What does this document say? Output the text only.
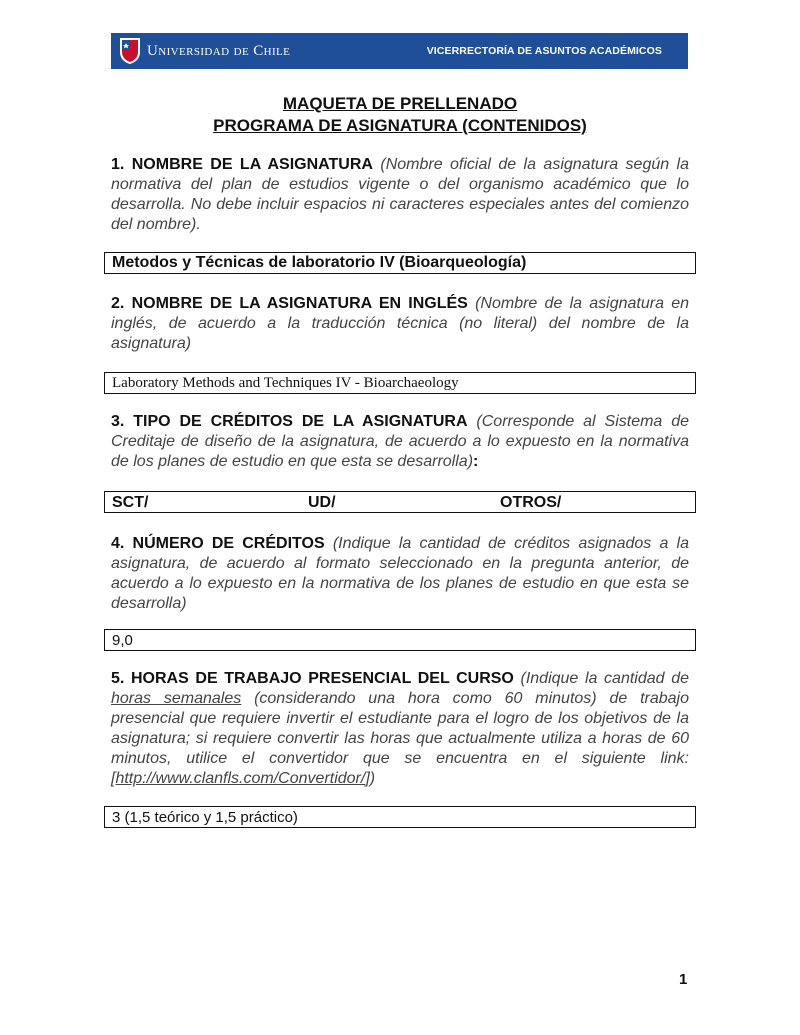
Universidad de Chile	VICERRECTORÍA DE ASUNTOS ACADÉMICOS

MAQUETA DE PRELLENADO

PROGRAMA DE ASIGNATURA (CONTENIDOS)

1. NOMBRE DE LA ASIGNATURA (Nombre oficial de la asignatura según la normativa del plan de estudios vigente o del organismo académico que lo desarrolla. No debe incluir espacios ni caracteres especiales antes del comienzo del nombre).

Metodos y Técnicas de laboratorio IV (Bioarqueología)

2. NOMBRE DE LA ASIGNATURA EN INGLÉS (Nombre de la asignatura en inglés, de acuerdo a la traducción técnica (no literal) del nombre de la asignatura)

Laboratory Methods and Techniques IV - Bioarchaeology

3. TIPO DE CRÉDITOS DE LA ASIGNATURA (Corresponde al Sistema de Creditaje de diseño de la asignatura, de acuerdo a lo expuesto en la normativa de los planes de estudio en que esta se desarrolla):

SCT/	UD/	OTROS/

4. NÚMERO DE CRÉDITOS (Indique la cantidad de créditos asignados a la asignatura, de acuerdo al formato seleccionado en la pregunta anterior, de acuerdo a lo expuesto en la normativa de los planes de estudio en que esta se desarrolla)

9,0

5. HORAS DE TRABAJO PRESENCIAL DEL CURSO (Indique la cantidad de horas semanales (considerando una hora como 60 minutos) de trabajo presencial que requiere invertir el estudiante para el logro de los objetivos de la asignatura; si requiere convertir las horas que actualmente utiliza a horas de 60 minutos, utilice el convertidor que se encuentra en el siguiente link: [http://www.clanfls.com/Convertidor/])

3 (1,5 teórico y 1,5 práctico)
1
